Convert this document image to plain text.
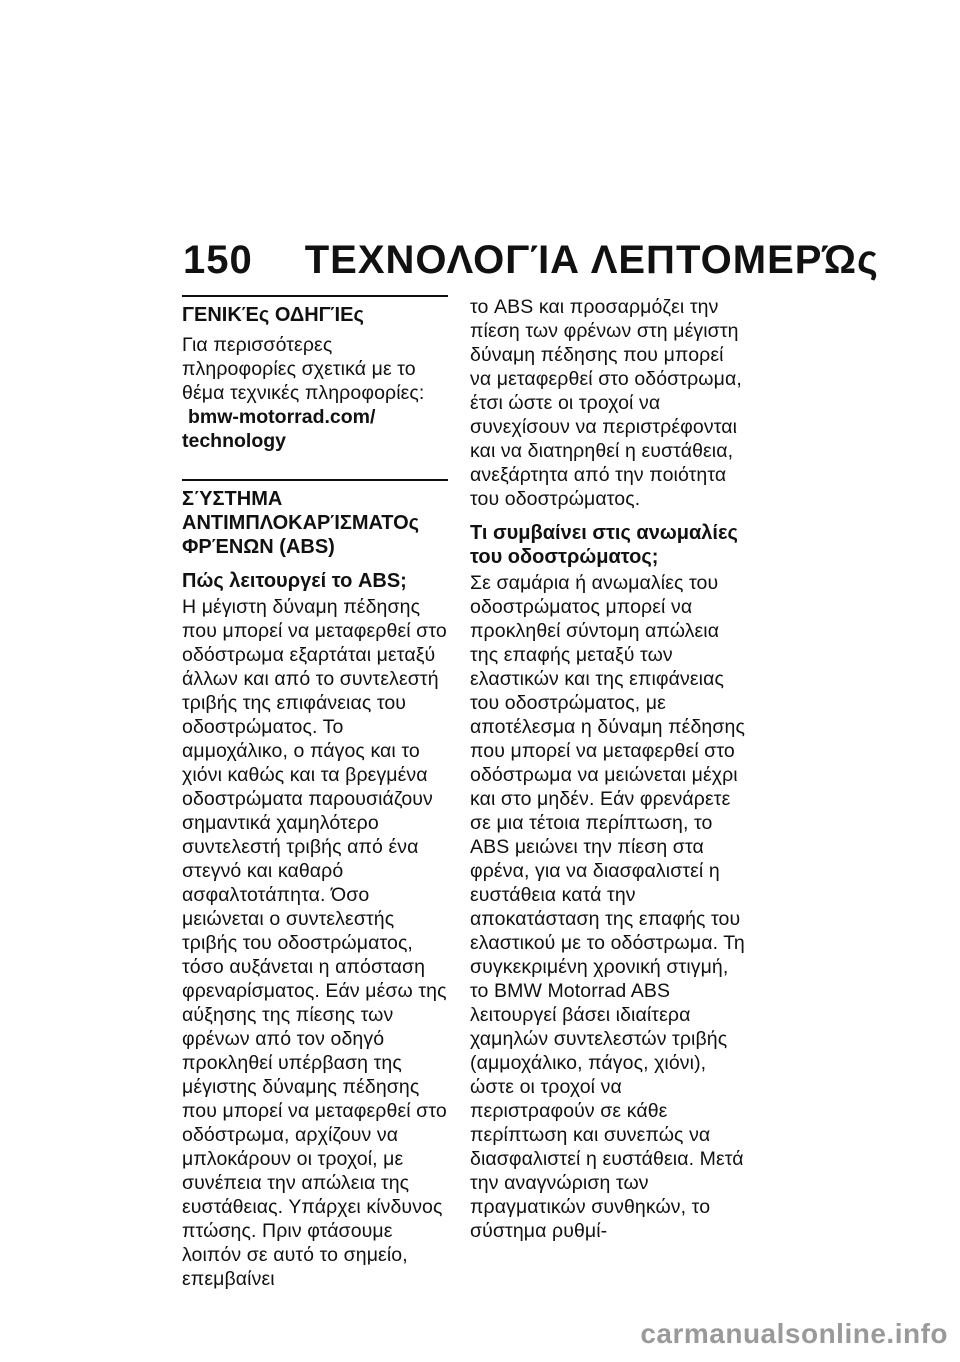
150 ΤΕΧΝΟΛΟΓΊΑ ΛΕΠΤΟΜΕΡΏς
ΓΕΝΙΚΈς ΟΔΗΓΊΕς

Για περισσότερες πληροφορίες σχετικά με το θέμα τεχνικές πληροφορίες:

bmw-motorrad.com/
technology
ΣΎΣΤΗΜΑ ΑΝΤΙΜΠΛΟΚΑΡΊΣΜΑΤΟς ΦΡΈΝΩΝ (ABS)
Πώς λειτουργεί το ABS;

Η μέγιστη δύναμη πέδησης που μπορεί να μεταφερθεί στο οδόστρωμα εξαρτάται μεταξύ άλλων και από το συντελεστή τριβής της επιφάνειας του οδοστρώματος. Το αμμοχάλικο, ο πάγος και το χιόνι καθώς και τα βρεγμένα οδοστρώματα παρουσιάζουν σημαντικά χαμηλότερο συντελεστή τριβής από ένα στεγνό και καθαρό ασφαλτοτάπητα. Όσο μειώνεται ο συντελεστής τριβής του οδοστρώματος, τόσο αυξάνεται η απόσταση φρεναρίσματος. Εάν μέσω της αύξησης της πίεσης των φρένων από τον οδηγό προκληθεί υπέρβαση της μέγιστης δύναμης πέδησης που μπορεί να μεταφερθεί στο οδόστρωμα, αρχίζουν να μπλοκάρουν οι τροχοί, με συνέπεια την απώλεια της ευστάθειας. Υπάρχει κίνδυνος πτώσης. Πριν φτάσουμε λοιπόν σε αυτό το σημείο, επεμβαίνει

το ABS και προσαρμόζει την πίεση των φρένων στη μέγιστη δύναμη πέδησης που μπορεί να μεταφερθεί στο οδόστρωμα, έτσι ώστε οι τροχοί να συνεχίσουν να περιστρέφονται και να διατηρηθεί η ευστάθεια, ανεξάρτητα από την ποιότητα του οδοστρώματος.

Τι συμβαίνει στις ανωμαλίες του οδοστρώματος;

Σε σαμάρια ή ανωμαλίες του οδοστρώματος μπορεί να προκληθεί σύντομη απώλεια της επαφής μεταξύ των ελαστικών και της επιφάνειας του οδοστρώματος, με αποτέλεσμα η δύναμη πέδησης που μπορεί να μεταφερθεί στο οδόστρωμα να μειώνεται μέχρι και στο μηδέν. Εάν φρενάρετε σε μια τέτοια περίπτωση, το ABS μειώνει την πίεση στα φρένα, για να διασφαλιστεί η ευστάθεια κατά την αποκατάσταση της επαφής του ελαστικού με το οδόστρωμα. Τη συγκεκριμένη χρονική στιγμή, το BMW Motorrad ABS λειτουργεί βάσει ιδιαίτερα χαμηλών συντελεστών τριβής (αμμοχάλικο, πάγος, χιόνι), ώστε οι τροχοί να περιστραφούν σε κάθε περίπτωση και συνεπώς να διασφαλιστεί η ευστάθεια. Μετά την αναγνώριση των πραγματικών συνθηκών, το σύστημα ρυθμί-

carmanualsonline.info
